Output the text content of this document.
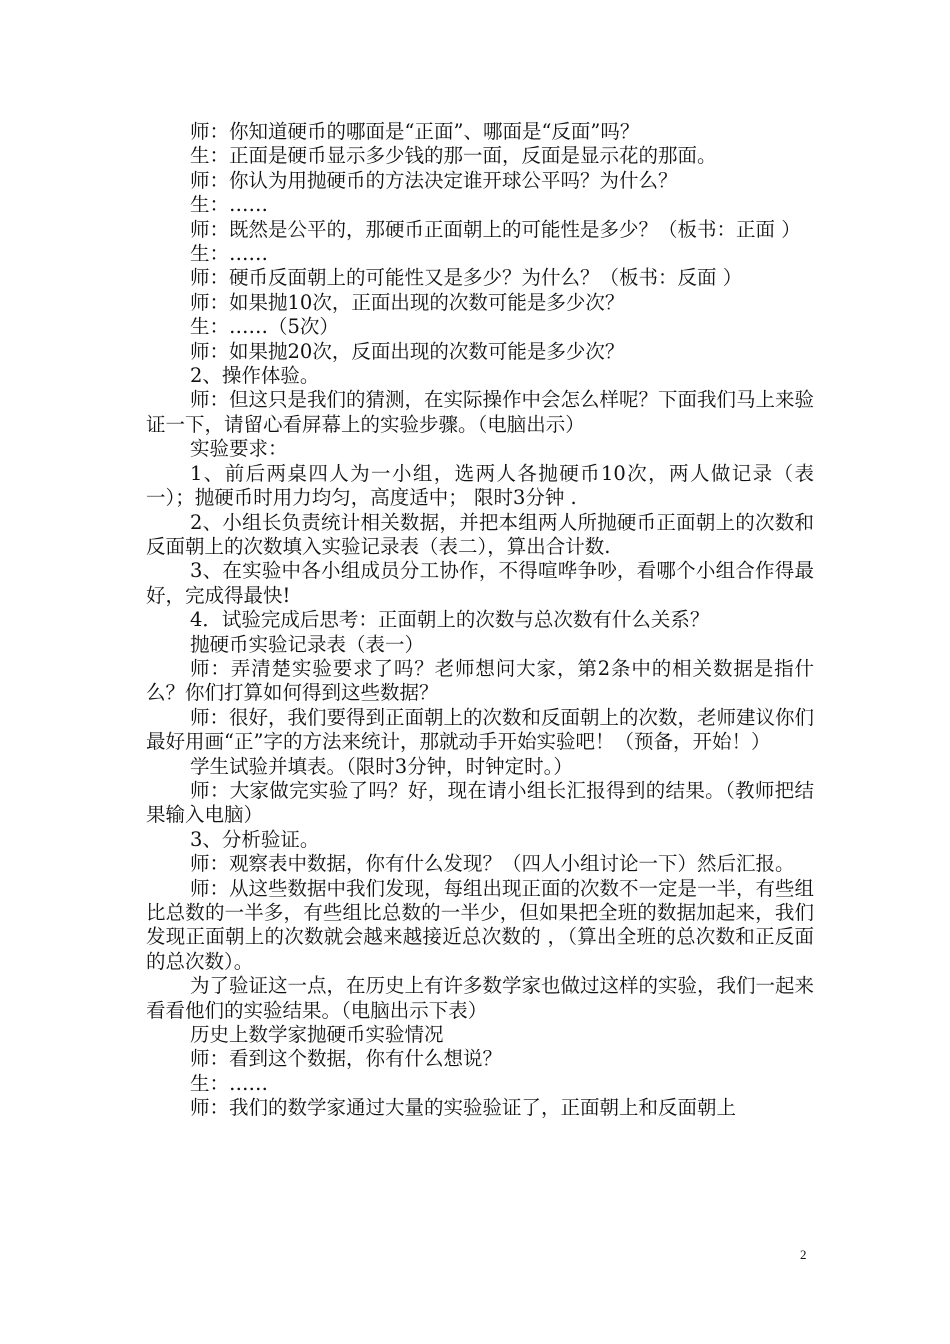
师：你知道硬币的哪面是“正面”、哪面是“反面”吗？

生：正面是硬币显示多少钱的那一面，反面是显示花的那面。

师：你认为用抛硬币的方法决定谁开球公平吗？为什么？

生：……

师：既然是公平的，那硬币正面朝上的可能性是多少？（板书：正面 ）

生：……

师：硬币反面朝上的可能性又是多少？为什么？（板书：反面 ）

师：如果抛10次，正面出现的次数可能是多少次？

生：……（5次）

师：如果抛20次，反面出现的次数可能是多少次？

2、操作体验。

师：但这只是我们的猜测，在实际操作中会怎么样呢？下面我们马上来验证一下，请留心看屏幕上的实验步骤。（电脑出示）

实验要求：

1、前后两桌四人为一小组，选两人各抛硬币10次，两人做记录（表一）；抛硬币时用力均匀，高度适中； 限时3分钟 .

2、小组长负责统计相关数据，并把本组两人所抛硬币正面朝上的次数和反面朝上的次数填入实验记录表（表二），算出合计数.

3、在实验中各小组成员分工协作，不得喧哗争吵，看哪个小组合作得最好，完成得最快!

4．试验完成后思考：正面朝上的次数与总次数有什么关系？

抛硬币实验记录表（表一）

师：弄清楚实验要求了吗？老师想问大家，第2条中的相关数据是指什么？你们打算如何得到这些数据？

师：很好，我们要得到正面朝上的次数和反面朝上的次数，老师建议你们最好用画“正”字的方法来统计，那就动手开始实验吧！（预备，开始！）

学生试验并填表。（限时3分钟，时钟定时。）

师：大家做完实验了吗？好，现在请小组长汇报得到的结果。（教师把结果输入电脑）

3、分析验证。

师：观察表中数据，你有什么发现？（四人小组讨论一下）然后汇报。

师：从这些数据中我们发现，每组出现正面的次数不一定是一半，有些组比总数的一半多，有些组比总数的一半少，但如果把全班的数据加起来，我们发现正面朝上的次数就会越来越接近总次数的 ，（算出全班的总次数和正反面的总次数）。

为了验证这一点，在历史上有许多数学家也做过这样的实验，我们一起来看看他们的实验结果。（电脑出示下表）

历史上数学家抛硬币实验情况

师：看到这个数据，你有什么想说？

生：……

师：我们的数学家通过大量的实验验证了，正面朝上和反面朝上

2
